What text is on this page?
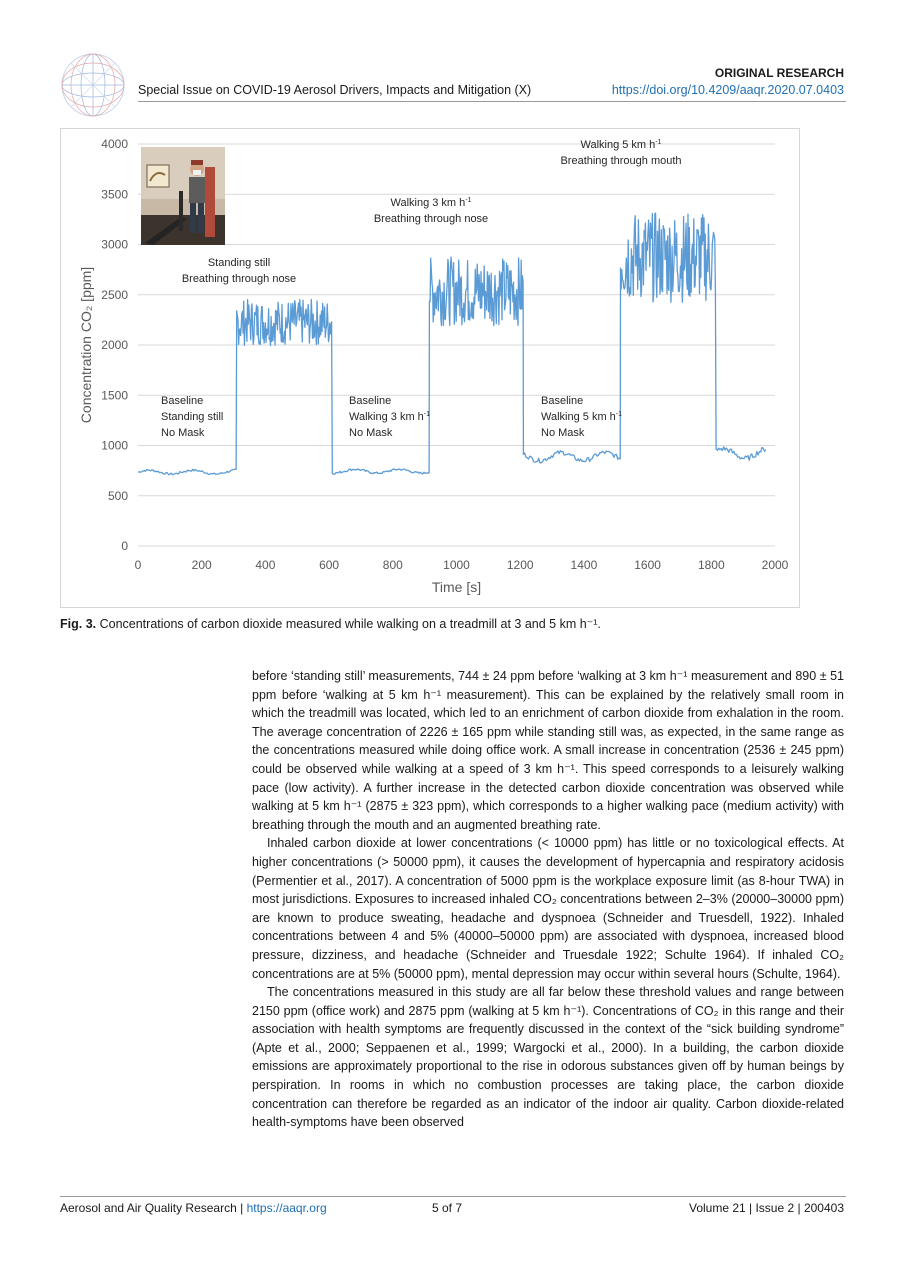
Special Issue on COVID-19 Aerosol Drivers, Impacts and Mitigation (X)
ORIGINAL RESEARCH
https://doi.org/10.4209/aaqr.2020.07.0403
0
500
1000
1500
2000
2500
3000
3500
4000
0	200	400	600	800	1000	1200	1400	1600	1800	2000
Time [s]
Concentration CO₂ [ppm]	Baseline
Standing still
No Mask
Standing still
Breathing through nose
Baseline
Walking 3 km $h^{-1}$
No Mask
Walking 3 km $h^{-1}$
Breathing through nose
Baseline
Walking 5 km $h^{-1}$
No Mask
Walking 5 km $h^{-1}$
Breathing through mouth
Fig. 3. Concentrations of carbon dioxide measured while walking on a treadmill at 3 and 5 km h⁻¹.

before ‘standing still’ measurements, 744 ± 24 ppm before ‘walking at 3 km h⁻¹ measurement and 890 ± 51 ppm before ‘walking at 5 km h⁻¹ measurement). This can be explained by the relatively small room in which the treadmill was located, which led to an enrichment of carbon dioxide from exhalation in the room. The average concentration of 2226 ± 165 ppm while standing still was, as expected, in the same range as the concentrations measured while doing office work. A small increase in concentration (2536 ± 245 ppm) could be observed while walking at a speed of 3 km h⁻¹. This speed corresponds to a leisurely walking pace (low activity). A further increase in the detected carbon dioxide concentration was observed while walking at 5 km h⁻¹ (2875 ± 323 ppm), which corresponds to a higher walking pace (medium activity) with breathing through the mouth and an augmented breathing rate.

Inhaled carbon dioxide at lower concentrations (< 10000 ppm) has little or no toxicological effects. At higher concentrations (> 50000 ppm), it causes the development of hypercapnia and respiratory acidosis (Permentier et al., 2017). A concentration of 5000 ppm is the workplace exposure limit (as 8-hour TWA) in most jurisdictions. Exposures to increased inhaled CO₂ concentrations between 2–3% (20000–30000 ppm) are known to produce sweating, headache and dyspnoea (Schneider and Truesdell, 1922). Inhaled concentrations between 4 and 5% (40000–50000 ppm) are associated with dyspnoea, increased blood pressure, dizziness, and headache (Schneider and Truesdale 1922; Schulte 1964). If inhaled CO₂ concentrations are at 5% (50000 ppm), mental depression may occur within several hours (Schulte, 1964).

The concentrations measured in this study are all far below these threshold values and range between 2150 ppm (office work) and 2875 ppm (walking at 5 km h⁻¹). Concentrations of CO₂ in this range and their association with health symptoms are frequently discussed in the context of the “sick building syndrome” (Apte et al., 2000; Seppaenen et al., 1999; Wargocki et al., 2000). In a building, the carbon dioxide emissions are approximately proportional to the rise in odorous substances given off by human beings by perspiration. In rooms in which no combustion processes are taking place, the carbon dioxide concentration can therefore be regarded as an indicator of the indoor air quality. Carbon dioxide-related health-symptoms have been observed

Aerosol and Air Quality Research | https://aaqr.org	5 of 7	Volume 21 | Issue 2 | 200403
